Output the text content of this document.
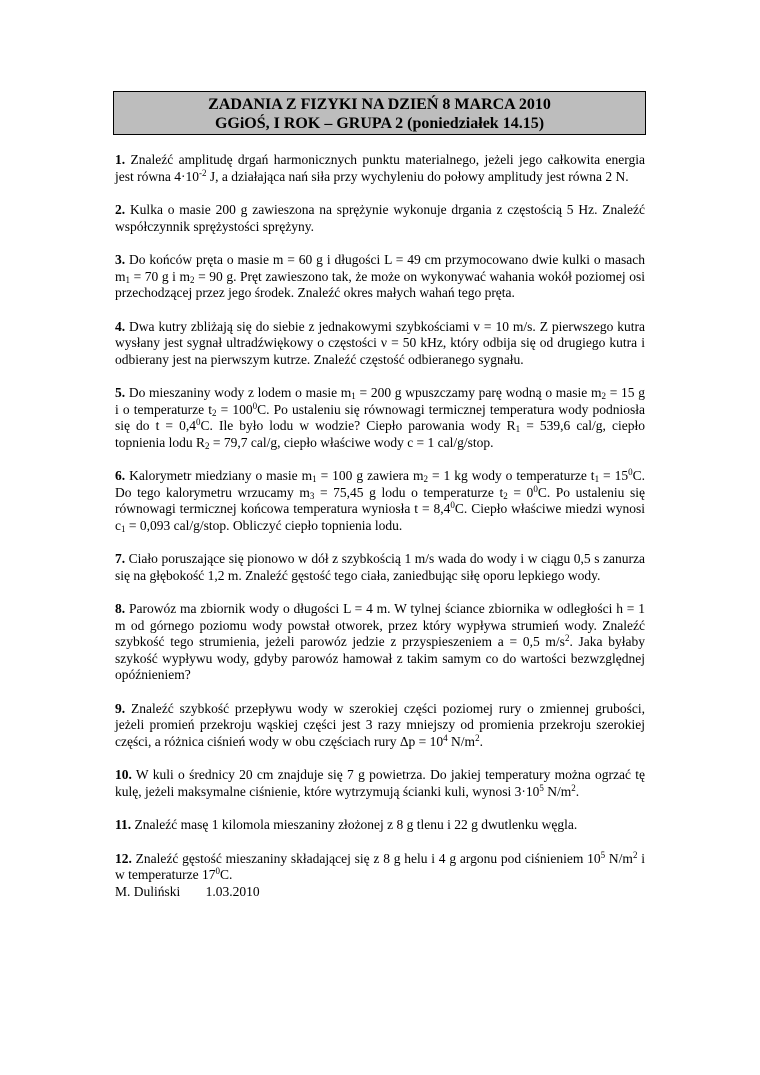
ZADANIA Z FIZYKI NA DZIEŃ 8 MARCA 2010
GGiOŚ, I ROK – GRUPA 2 (poniedziałek 14.15)
1. Znaleźć amplitudę drgań harmonicznych punktu materialnego, jeżeli jego całkowita energia jest równa $4\cdot 10^{-2}$ J, a działająca nań siła przy wychyleniu do połowy amplitudy jest równa 2 N.
2. Kulka o masie 200 g zawieszona na sprężynie wykonuje drgania z częstością 5 Hz. Znaleźć współczynnik sprężystości sprężyny.
3. Do końców pręta o masie m = 60 g i długości L = 49 cm przymocowano dwie kulki o masach $m_1 = 70$ g i $m_2 = 90$ g. Pręt zawieszono tak, że może on wykonywać wahania wokół poziomej osi przechodzącej przez jego środek. Znaleźć okres małych wahań tego pręta.
4. Dwa kutry zbliżają się do siebie z jednakowymi szybkościami v = 10 m/s. Z pierwszego kutra wysłany jest sygnał ultradźwiękowy o częstości ν = 50 kHz, który odbija się od drugiego kutra i odbierany jest na pierwszym kutrze. Znaleźć częstość odbieranego sygnału.
5. Do mieszaniny wody z lodem o masie $m_1 = 200$ g wpuszczamy parę wodną o masie $m_2 = 15$ g i o temperaturze $t_2 = 100^0C$. Po ustaleniu się równowagi termicznej temperatura wody podniosła się do $t = 0,4^0C$. Ile było lodu w wodzie? Ciepło parowania wody $R_1 = 539,6$ cal/g, ciepło topnienia lodu $R_2 = 79,7$ cal/g, ciepło właściwe wody c = 1 cal/g/stop.
6. Kalorymetr miedziany o masie $m_1 = 100$ g zawiera $m_2 = 1$ kg wody o temperaturze $t_1 = 15^0C$. Do tego kalorymetru wrzucamy $m_3 = 75,45$ g lodu o temperaturze $t_2 = 0^0C$. Po ustaleniu się równowagi termicznej końcowa temperatura wyniosła $t = 8,4^0C$. Ciepło właściwe miedzi wynosi $c_1 = 0,093$ cal/g/stop. Obliczyć ciepło topnienia lodu.
7. Ciało poruszające się pionowo w dół z szybkością 1 m/s wada do wody i w ciągu 0,5 s zanurza się na głębokość 1,2 m. Znaleźć gęstość tego ciała, zaniedbując siłę oporu lepkiego wody.
8. Parowóz ma zbiornik wody o długości L = 4 m. W tylnej ściance zbiornika w odległości h = 1 m od górnego poziomu wody powstał otworek, przez który wypływa strumień wody. Znaleźć szybkość tego strumienia, jeżeli parowóz jedzie z przyspieszeniem a = 0,5 $m/s^2$. Jaka byłaby szykość wypływu wody, gdyby parowóz hamował z takim samym co do wartości bezwzględnej opóźnieniem?
9. Znaleźć szybkość przepływu wody w szerokiej części poziomej rury o zmiennej grubości, jeżeli promień przekroju wąskiej części jest 3 razy mniejszy od promienia przekroju szerokiej części, a różnica ciśnień wody w obu częściach rury $\Delta p = 10^4$ $N/m^2$.
10. W kuli o średnicy 20 cm znajduje się 7 g powietrza. Do jakiej temperatury można ogrzać tę kulę, jeżeli maksymalne ciśnienie, które wytrzymują ścianki kuli, wynosi $3\cdot 10^5$ $N/m^2$.
11. Znaleźć masę 1 kilomola mieszaniny złożonej z 8 g tlenu i 22 g dwutlenku węgla.
12. Znaleźć gęstość mieszaniny składającej się z 8 g helu i 4 g argonu pod ciśnieniem $10^5$ $N/m^2$ i w temperaturze $17^0C$.
M. Duliński 1.03.2010
